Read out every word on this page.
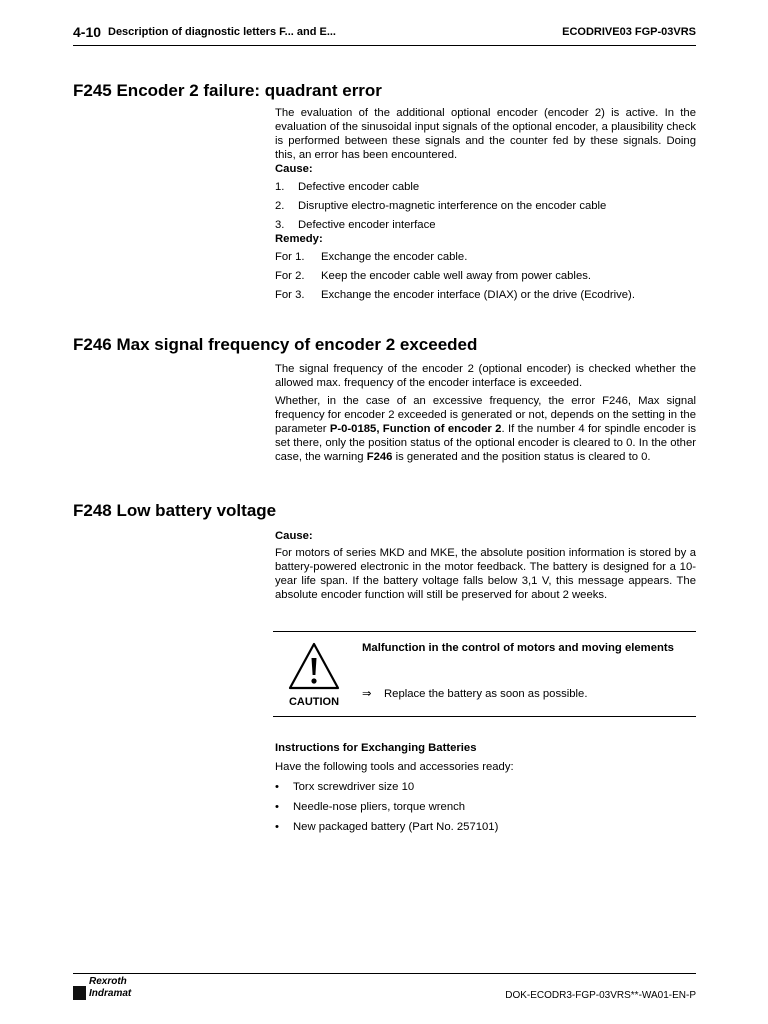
4-10 Description of diagnostic letters F... and E...	ECODRIVE03 FGP-03VRS
F245 Encoder 2 failure: quadrant error

The evaluation of the additional optional encoder (encoder 2) is active. In the evaluation of the sinusoidal input signals of the optional encoder, a plausibility check is performed between these signals and the counter fed by these signals. Doing this, an error has been encountered.

Cause:

1.	Defective encoder cable
2.	Disruptive electro-magnetic interference on the encoder cable
3.	Defective encoder interface

Remedy:

For 1.	Exchange the encoder cable.
For 2.	Keep the encoder cable well away from power cables.
For 3.	Exchange the encoder interface (DIAX) or the drive (Ecodrive).
F246 Max signal frequency of encoder 2 exceeded

The signal frequency of the encoder 2 (optional encoder) is checked whether the allowed max. frequency of the encoder interface is exceeded.

Whether, in the case of an excessive frequency, the error F246, Max signal frequency for encoder 2 exceeded is generated or not, depends on the setting in the parameter P-0-0185, Function of encoder 2. If the number 4 for spindle encoder is set there, only the position status of the optional encoder is cleared to 0. In the other case, the warning F246 is generated and the position status is cleared to 0.

F248 Low battery voltage

Cause:

For motors of series MKD and MKE, the absolute position information is stored by a battery-powered electronic in the motor feedback. The battery is designed for a 10-year life span. If the battery voltage falls below 3,1 V, this message appears. The absolute encoder function will still be preserved for about 2 weeks.

CAUTION
Malfunction in the control of motors and moving elements
⇒ Replace the battery as soon as possible.

Instructions for Exchanging Batteries

Have the following tools and accessories ready:

•	Torx screwdriver size 10
•	Needle-nose pliers, torque wrench
•	New packaged battery (Part No. 257101)
Rexroth
Indramat	DOK-ECODR3-FGP-03VRS**-WA01-EN-P
